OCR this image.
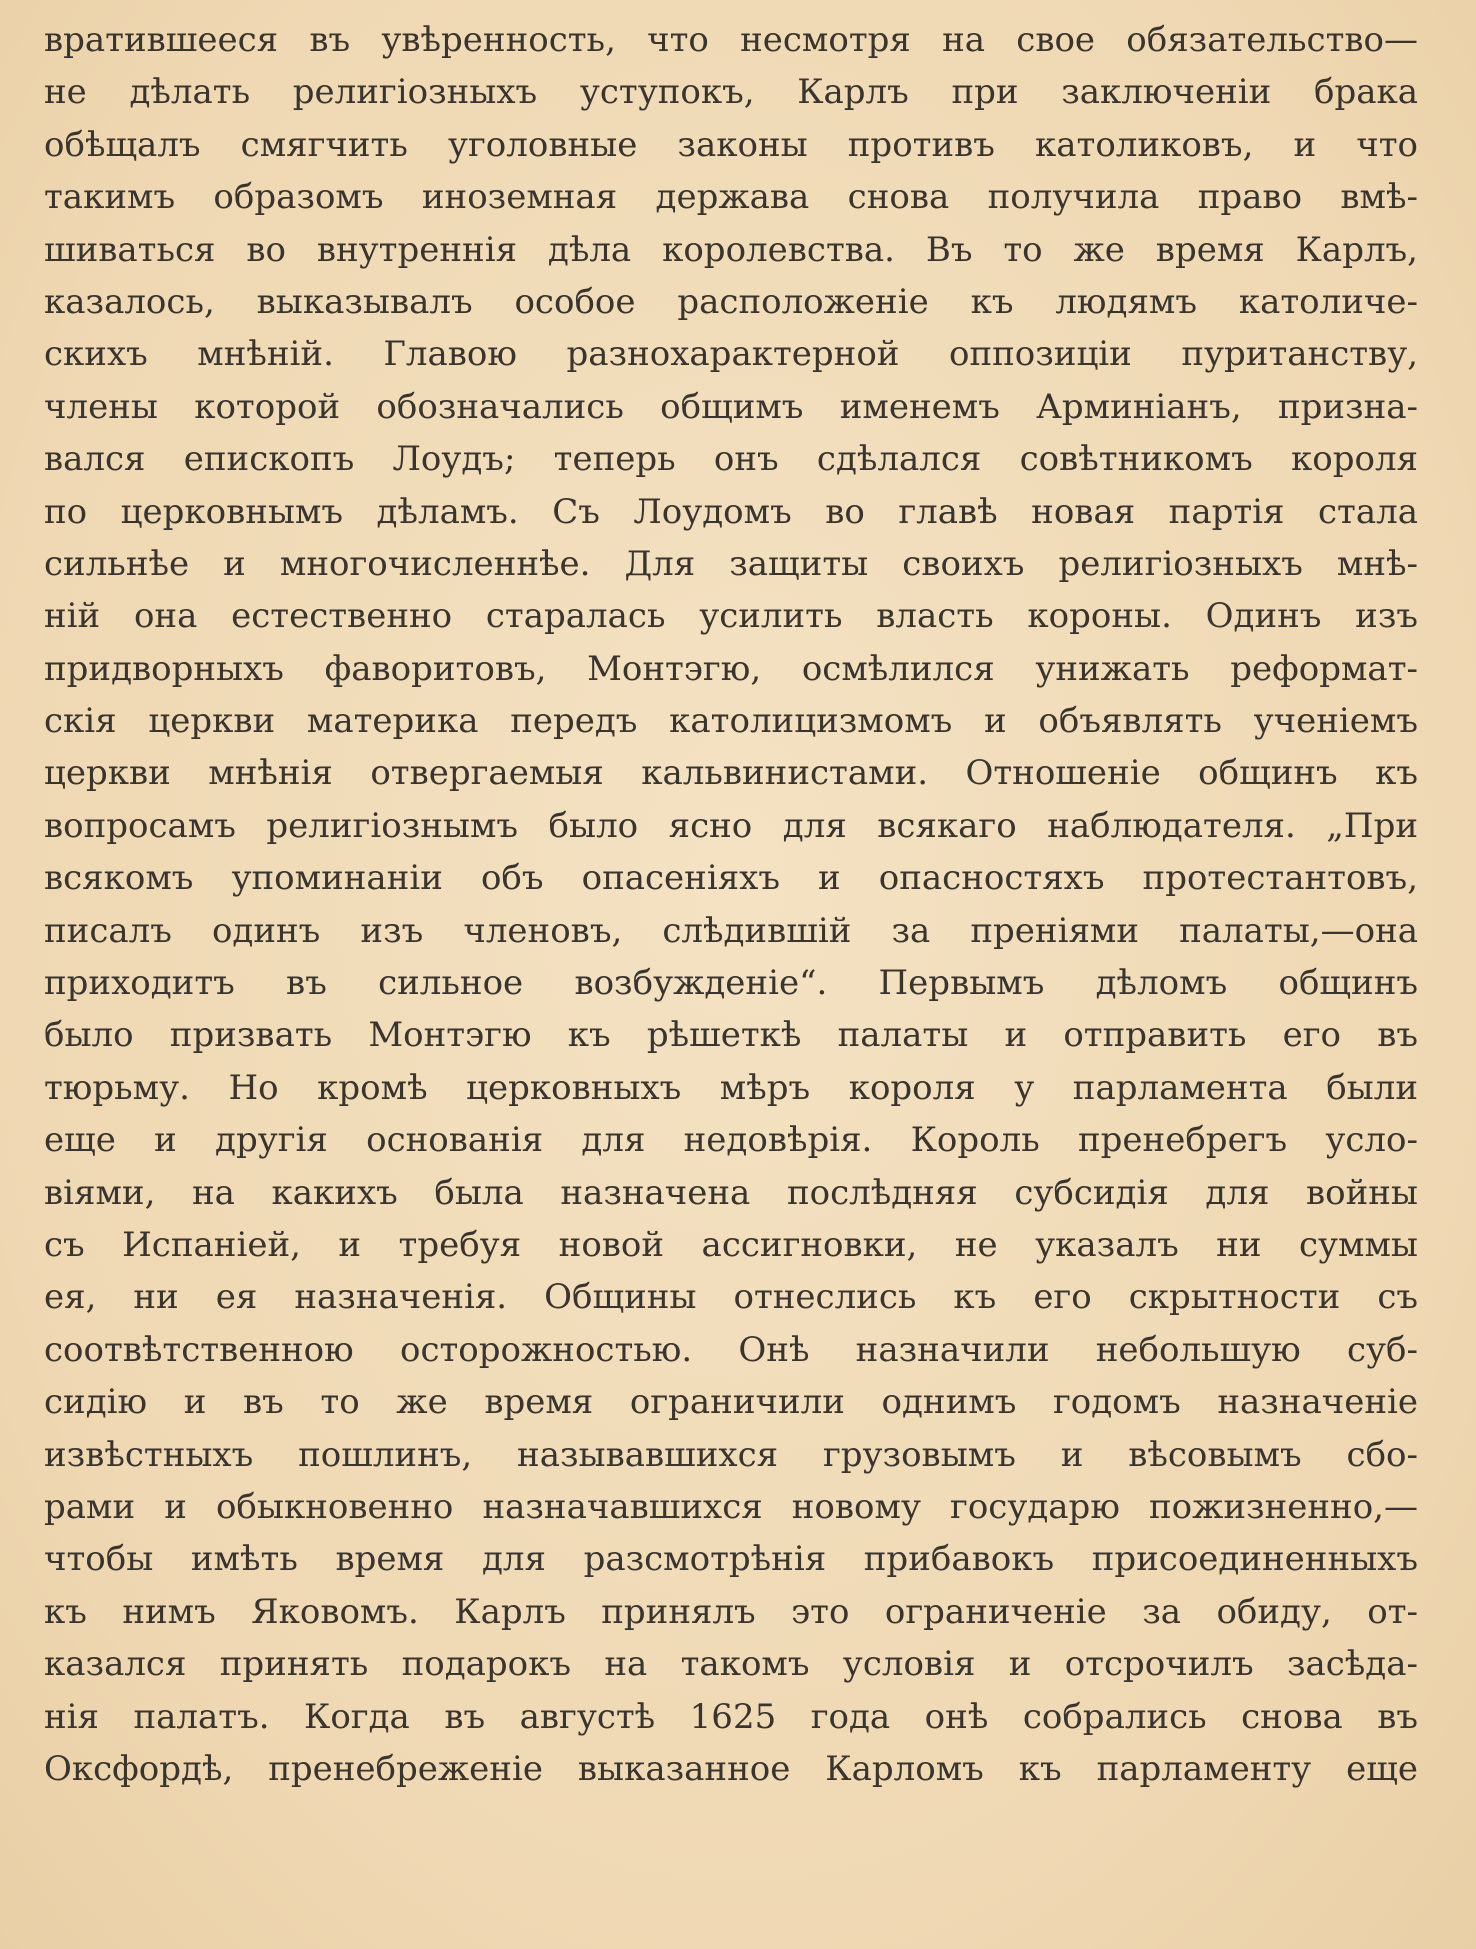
вратившееся въ увѣренность, что несмотря на свое обязательство—
не дѣлать религіозныхъ уступокъ, Карлъ при заключеніи брака
обѣщалъ смягчить уголовные законы противъ католиковъ, и что
такимъ образомъ иноземная держава снова получила право вмѣ-
шиваться во внутреннія дѣла королевства. Въ то же время Карлъ,
казалось, выказывалъ особое расположеніе къ людямъ католиче-
скихъ мнѣній. Главою разнохарактерной оппозиціи пуританству,
члены которой обозначались общимъ именемъ Арминіанъ, призна-
вался епископъ Лоудъ; теперь онъ сдѣлался совѣтникомъ короля
по церковнымъ дѣламъ. Съ Лоудомъ во главѣ новая партія стала
сильнѣе и многочисленнѣе. Для защиты своихъ религіозныхъ мнѣ-
ній она естественно старалась усилить власть короны. Одинъ изъ
придворныхъ фаворитовъ, Монтэгю, осмѣлился унижать реформат-
скія церкви материка передъ католицизмомъ и объявлять ученіемъ
церкви мнѣнія отвергаемыя кальвинистами. Отношеніе общинъ къ
вопросамъ религіознымъ было ясно для всякаго наблюдателя. „При
всякомъ упоминаніи объ опасеніяхъ и опасностяхъ протестантовъ,
писалъ одинъ изъ членовъ, слѣдившій за преніями палаты,—она
приходитъ въ сильное возбужденіе“. Первымъ дѣломъ общинъ
было призвать Монтэгю къ рѣшеткѣ палаты и отправить его въ
тюрьму. Но кромѣ церковныхъ мѣръ короля у парламента были
еще и другія основанія для недовѣрія. Король пренебрегъ усло-
віями, на какихъ была назначена послѣдняя субсидія для войны
съ Испаніей, и требуя новой ассигновки, не указалъ ни суммы
ея, ни ея назначенія. Общины отнеслись къ его скрытности съ
соотвѣтственною осторожностью. Онѣ назначили небольшую суб-
сидію и въ то же время ограничили однимъ годомъ назначеніе
извѣстныхъ пошлинъ, называвшихся грузовымъ и вѣсовымъ сбо-
рами и обыкновенно назначавшихся новому государю пожизненно,—
чтобы имѣть время для разсмотрѣнія прибавокъ присоединенныхъ
къ нимъ Яковомъ. Карлъ принялъ это ограниченіе за обиду, от-
казался принять подарокъ на такомъ условія и отсрочилъ засѣда-
нія палатъ. Когда въ августѣ 1625 года онѣ собрались снова въ
Оксфордѣ, пренебреженіе выказанное Карломъ къ парламенту еще
